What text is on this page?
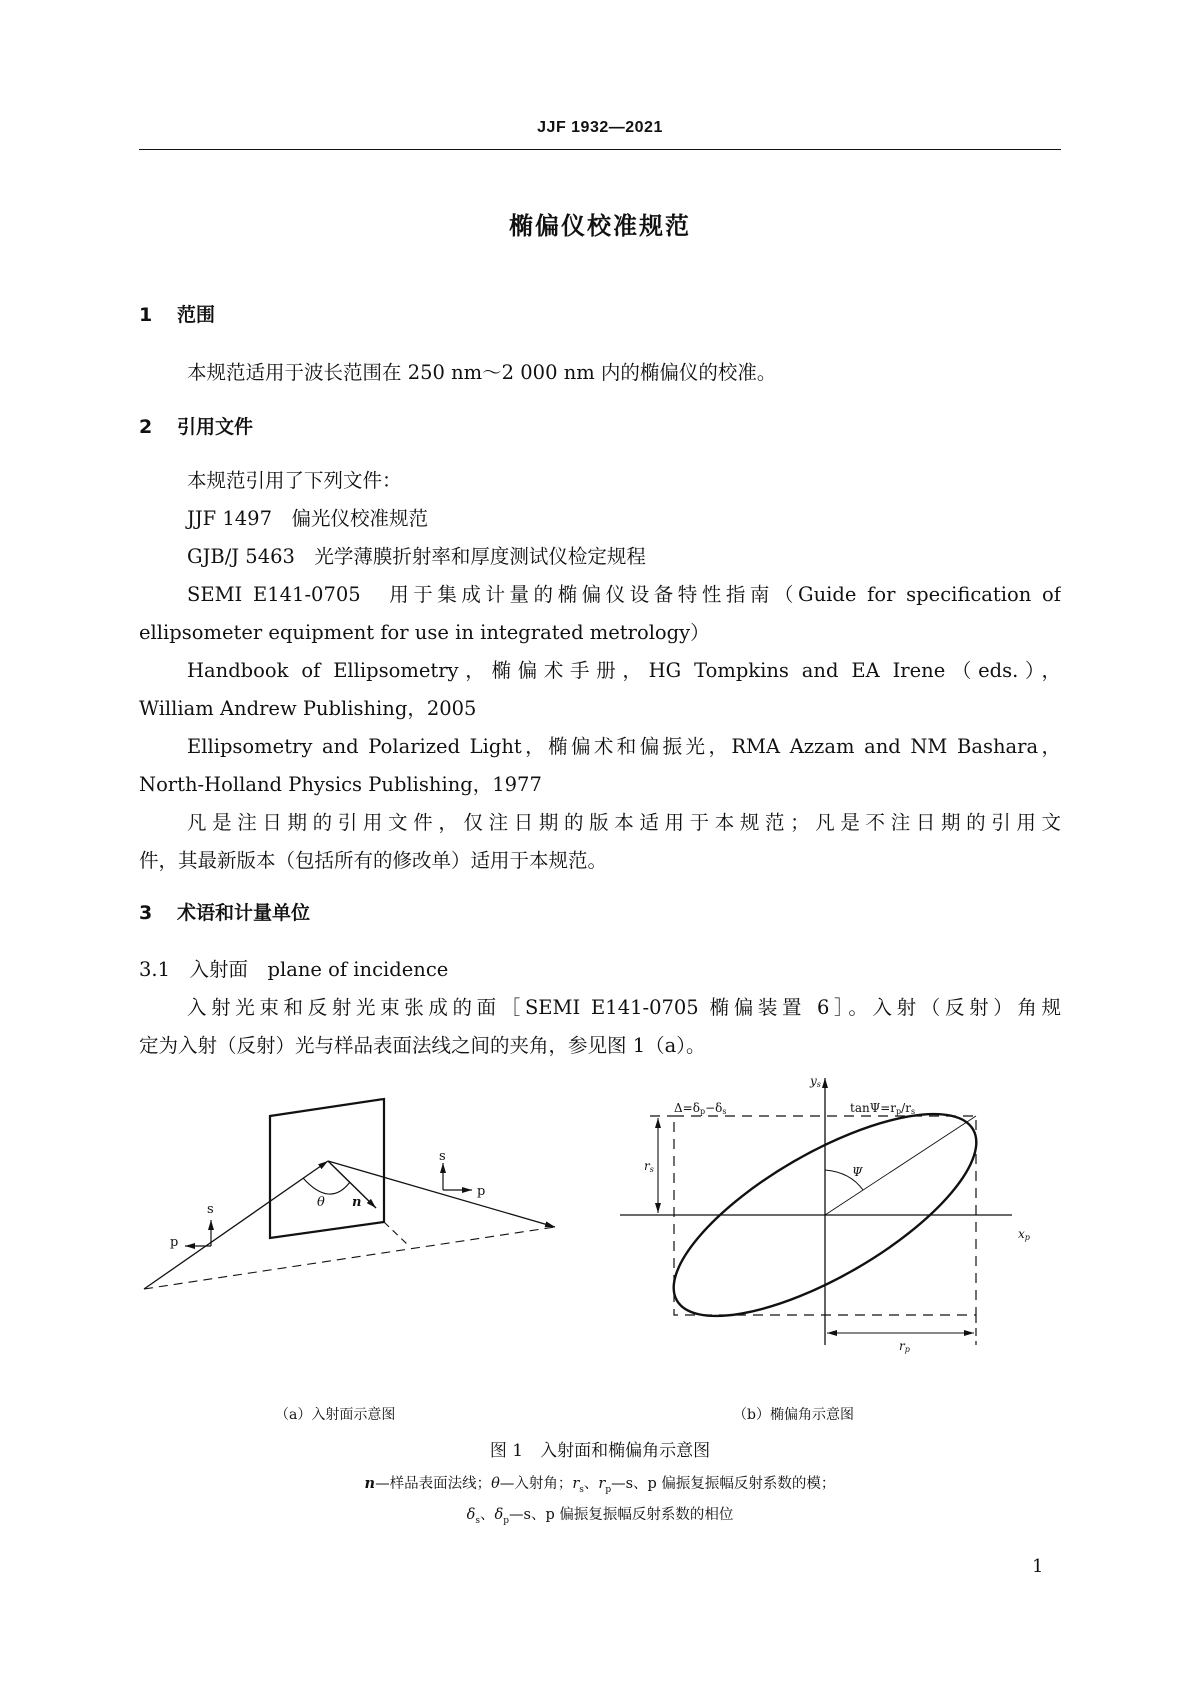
JJF 1932—2021
椭偏仪校准规范
1 范围
本规范适用于波长范围在 250 nm～2 000 nm 内的椭偏仪的校准。
2 引用文件
本规范引用了下列文件：
JJF 1497　偏光仪校准规范
GJB/J 5463　光学薄膜折射率和厚度测试仪检定规程
SEMI E141-0705　用于集成计量的椭偏仪设备特性指南（Guide for specification of
ellipsometer equipment for use in integrated metrology）
Handbook of Ellipsometry，椭偏术手册，HG Tompkins and EA Irene（eds.），
William Andrew Publishing，2005
Ellipsometry and Polarized Light，椭偏术和偏振光，RMA Azzam and NM Bashara，
North-Holland Physics Publishing，1977
凡是注日期的引用文件，仅注日期的版本适用于本规范；凡是不注日期的引用文
件，其最新版本（包括所有的修改单）适用于本规范。
3 术语和计量单位
3.1　入射面　plane of incidence
入射光束和反射光束张成的面［SEMI E141-0705 椭偏装置 6］。入射（反射）角规
定为入射（反射）光与样品表面法线之间的夹角，参见图 1（a）。
s
p
s
p
θ n
ys
xp
Δ=δp−δs	tanΨ=rp/rs
Ψ
rs
rp
（a）入射面示意图	（b）椭偏角示意图
图 1　入射面和椭偏角示意图
n—样品表面法线；θ—入射角；$r_s$、$r_p—s$、p 偏振复振幅反射系数的模；
$\delta_s$、$\delta_p—s$、p 偏振复振幅反射系数的相位
1
